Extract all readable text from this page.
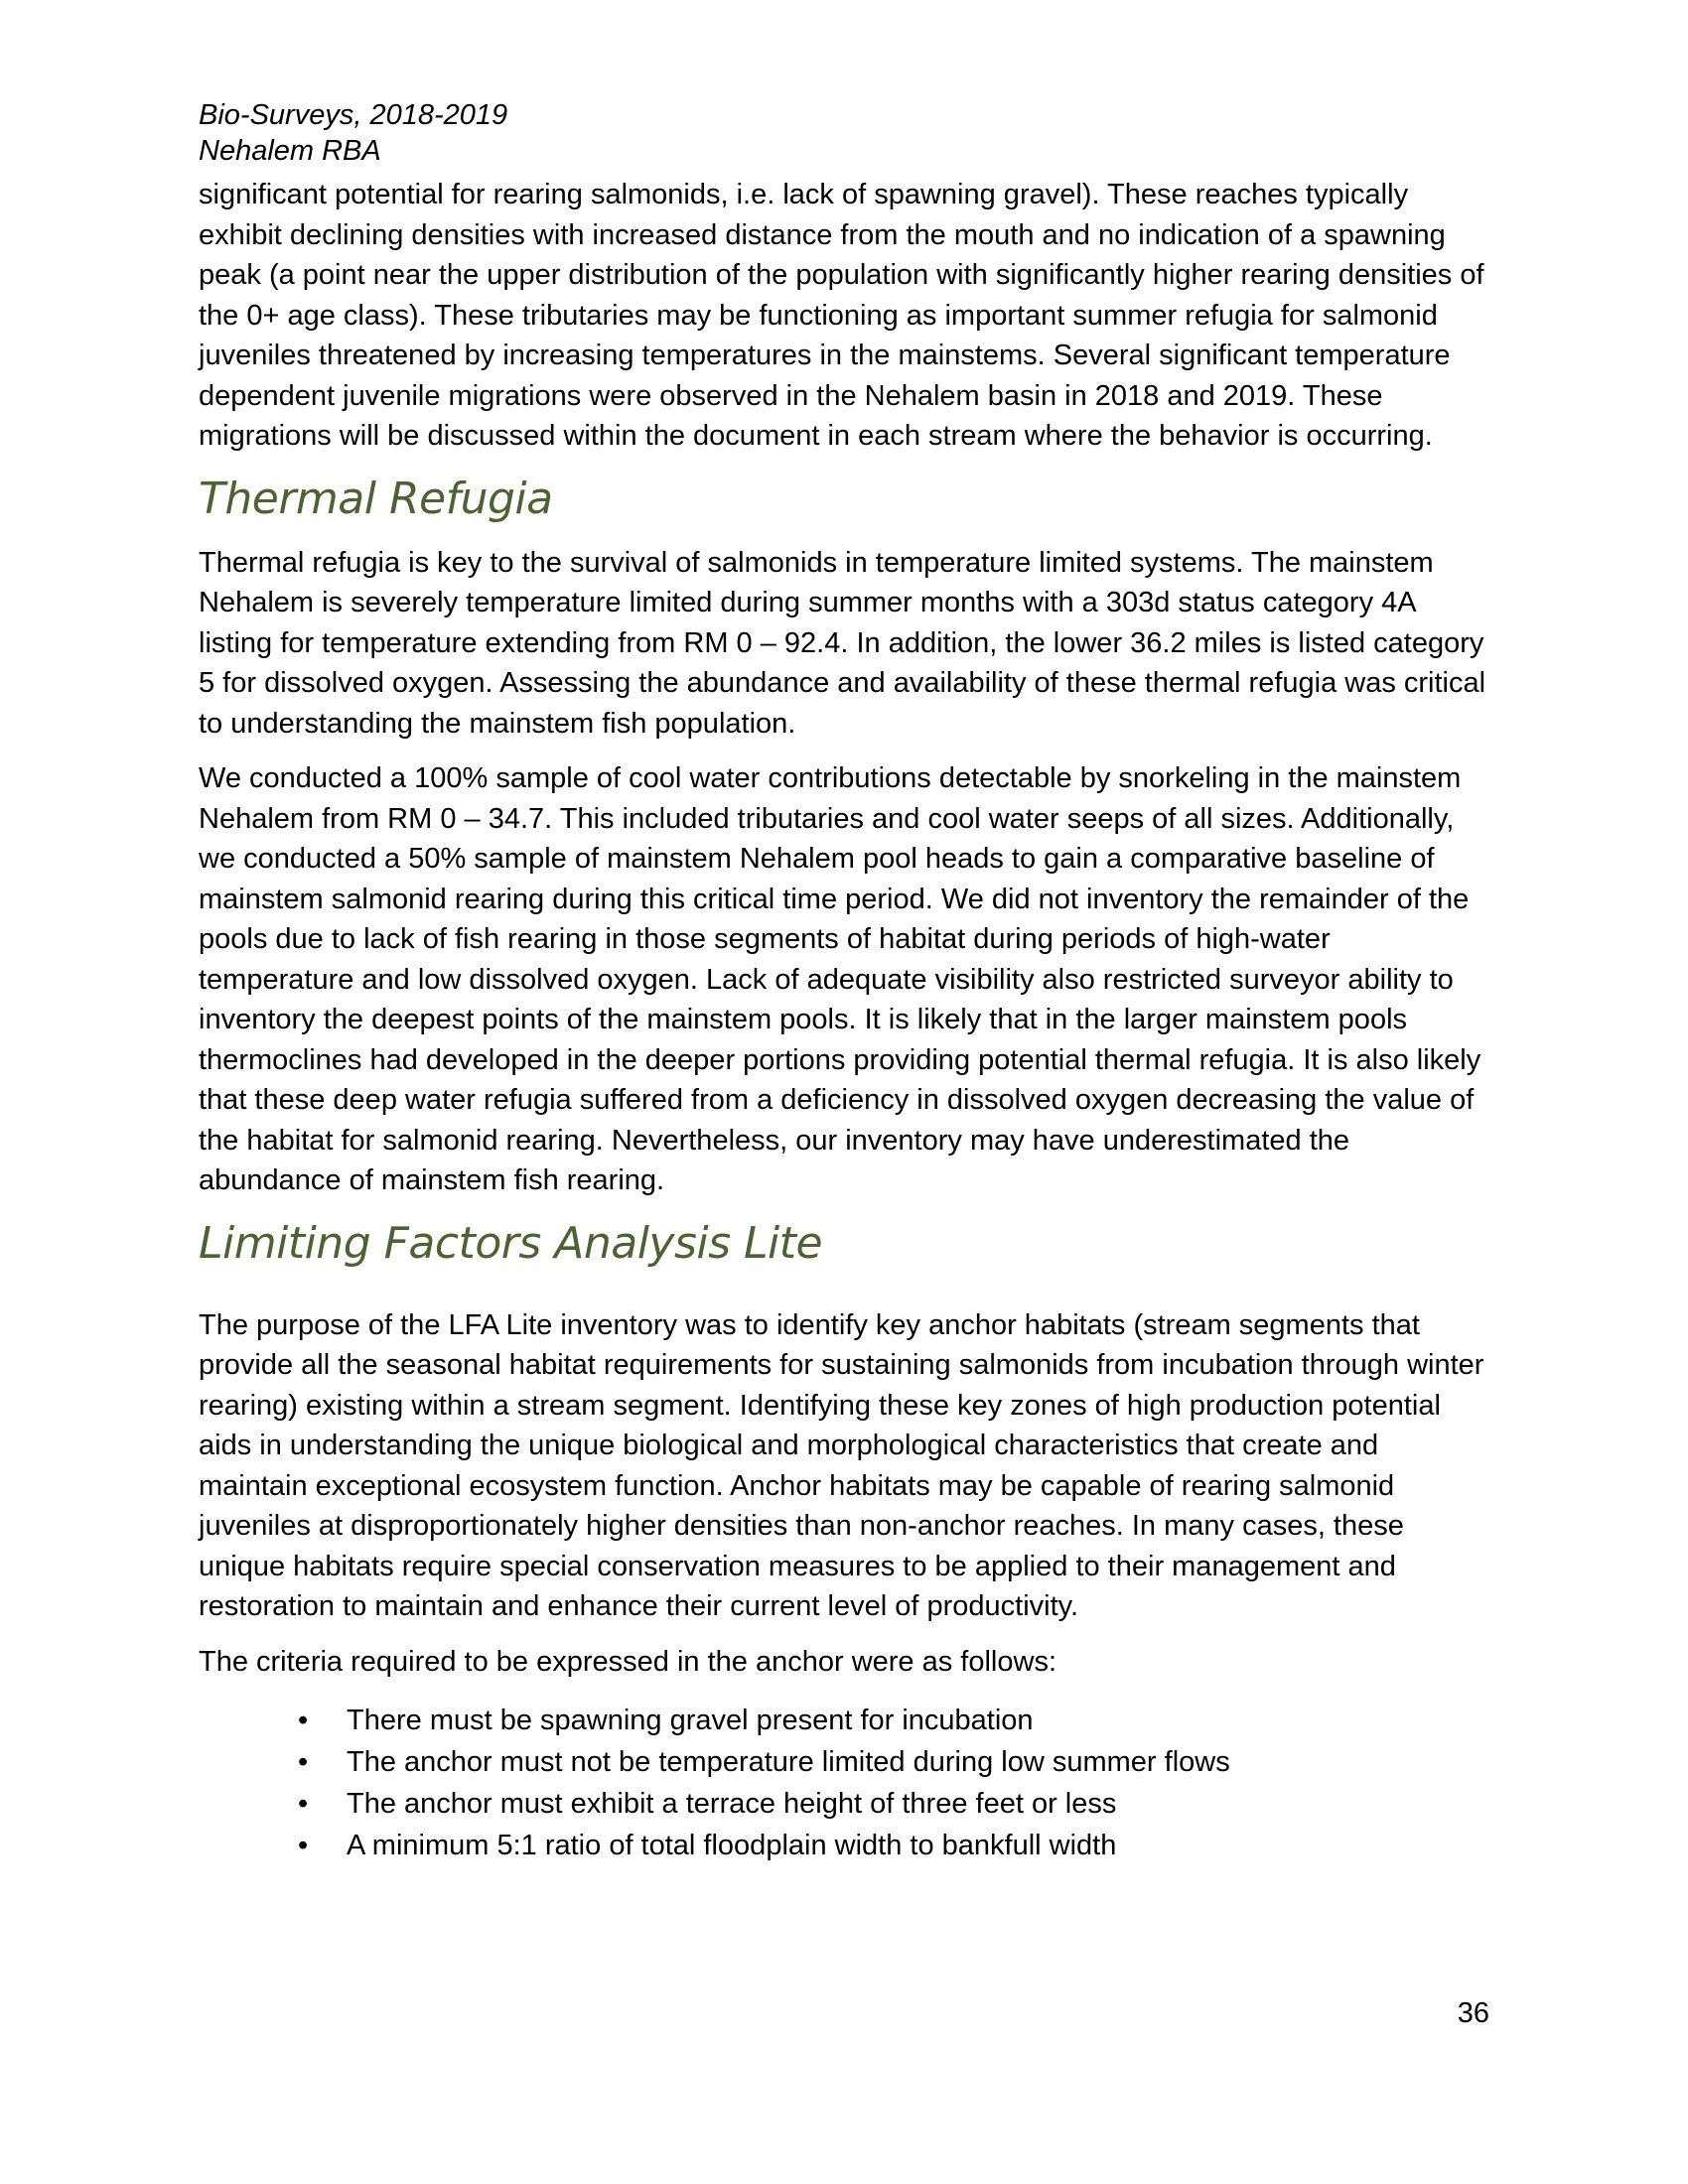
Bio-Surveys, 2018-2019
Nehalem RBA

significant potential for rearing salmonids, i.e. lack of spawning gravel). These reaches typically exhibit declining densities with increased distance from the mouth and no indication of a spawning peak (a point near the upper distribution of the population with significantly higher rearing densities of the 0+ age class). These tributaries may be functioning as important summer refugia for salmonid juveniles threatened by increasing temperatures in the mainstems. Several significant temperature dependent juvenile migrations were observed in the Nehalem basin in 2018 and 2019. These migrations will be discussed within the document in each stream where the behavior is occurring.

Thermal Refugia

Thermal refugia is key to the survival of salmonids in temperature limited systems. The mainstem Nehalem is severely temperature limited during summer months with a 303d status category 4A listing for temperature extending from RM 0 – 92.4. In addition, the lower 36.2 miles is listed category 5 for dissolved oxygen. Assessing the abundance and availability of these thermal refugia was critical to understanding the mainstem fish population.

We conducted a 100% sample of cool water contributions detectable by snorkeling in the mainstem Nehalem from RM 0 – 34.7. This included tributaries and cool water seeps of all sizes. Additionally, we conducted a 50% sample of mainstem Nehalem pool heads to gain a comparative baseline of mainstem salmonid rearing during this critical time period. We did not inventory the remainder of the pools due to lack of fish rearing in those segments of habitat during periods of high-water temperature and low dissolved oxygen. Lack of adequate visibility also restricted surveyor ability to inventory the deepest points of the mainstem pools. It is likely that in the larger mainstem pools thermoclines had developed in the deeper portions providing potential thermal refugia. It is also likely that these deep water refugia suffered from a deficiency in dissolved oxygen decreasing the value of the habitat for salmonid rearing. Nevertheless, our inventory may have underestimated the abundance of mainstem fish rearing.

Limiting Factors Analysis Lite

The purpose of the LFA Lite inventory was to identify key anchor habitats (stream segments that provide all the seasonal habitat requirements for sustaining salmonids from incubation through winter rearing) existing within a stream segment. Identifying these key zones of high production potential aids in understanding the unique biological and morphological characteristics that create and maintain exceptional ecosystem function. Anchor habitats may be capable of rearing salmonid juveniles at disproportionately higher densities than non-anchor reaches. In many cases, these unique habitats require special conservation measures to be applied to their management and restoration to maintain and enhance their current level of productivity.

The criteria required to be expressed in the anchor were as follows:

• There must be spawning gravel present for incubation
• The anchor must not be temperature limited during low summer flows
• The anchor must exhibit a terrace height of three feet or less
• A minimum 5:1 ratio of total floodplain width to bankfull width
36
